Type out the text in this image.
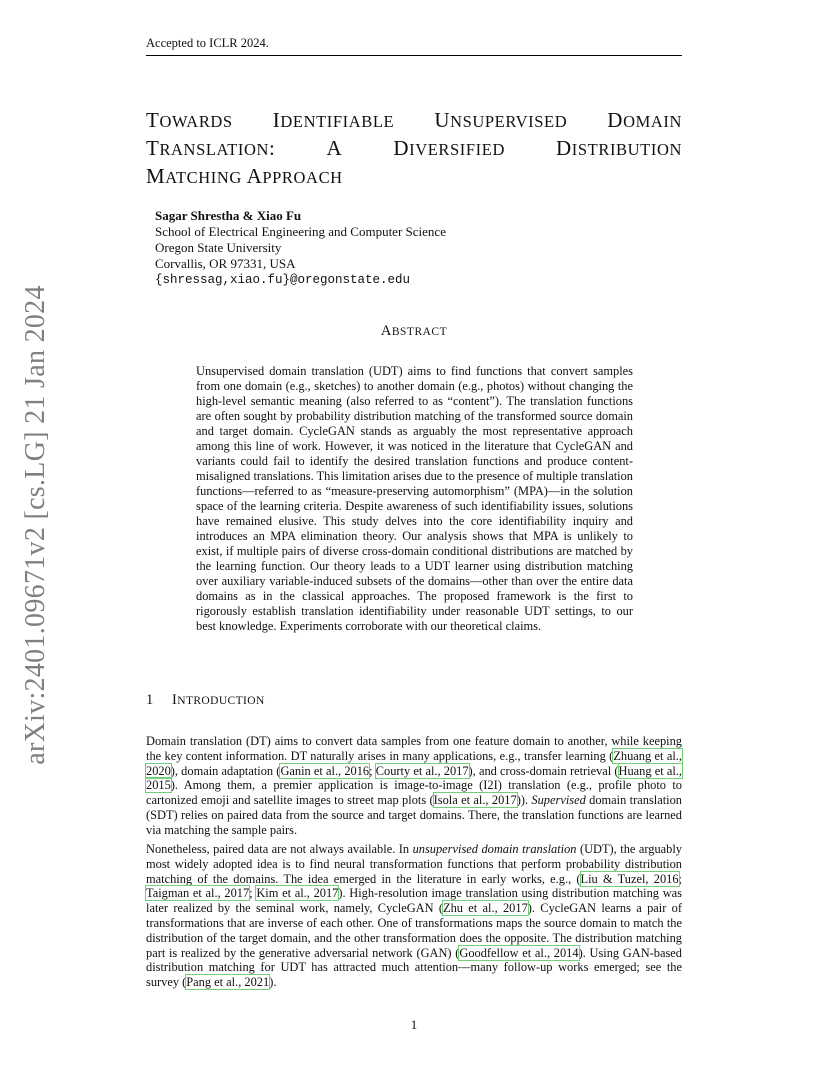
Accepted to ICLR 2024.
arXiv:2401.09671v2 [cs.LG] 21 Jan 2024
TOWARDS IDENTIFIABLE UNSUPERVISED DOMAIN
TRANSLATION: A DIVERSIFIED DISTRIBUTION
MATCHING APPROACH
Sagar Shrestha & Xiao Fu
School of Electrical Engineering and Computer Science
Oregon State University
Corvallis, OR 97331, USA
{shressag,xiao.fu}@oregonstate.edu
ABSTRACT
Unsupervised domain translation (UDT) aims to find functions that convert samples from one domain (e.g., sketches) to another domain (e.g., photos) without changing the high-level semantic meaning (also referred to as “content”). The translation functions are often sought by probability distribution matching of the transformed source domain and target domain. CycleGAN stands as arguably the most representative approach among this line of work. However, it was noticed in the literature that CycleGAN and variants could fail to identify the desired translation functions and produce content-misaligned translations. This limitation arises due to the presence of multiple translation functions—referred to as “measure-preserving automorphism” (MPA)—in the solution space of the learning criteria. Despite awareness of such identifiability issues, solutions have remained elusive. This study delves into the core identifiability inquiry and introduces an MPA elimination theory. Our analysis shows that MPA is unlikely to exist, if multiple pairs of diverse cross-domain conditional distributions are matched by the learning function. Our theory leads to a UDT learner using distribution matching over auxiliary variable-induced subsets of the domains—other than over the entire data domains as in the classical approaches. The proposed framework is the first to rigorously establish translation identifiability under reasonable UDT settings, to our best knowledge. Experiments corroborate with our theoretical claims.
1 INTRODUCTION
Domain translation (DT) aims to convert data samples from one feature domain to another, while keeping the key content information. DT naturally arises in many applications, e.g., transfer learning (Zhuang et al., 2020), domain adaptation (Ganin et al., 2016; Courty et al., 2017), and cross-domain retrieval (Huang et al., 2015). Among them, a premier application is image-to-image (I2I) translation (e.g., profile photo to cartonized emoji and satellite images to street map plots (Isola et al., 2017)). Supervised domain translation (SDT) relies on paired data from the source and target domains. There, the translation functions are learned via matching the sample pairs.
Nonetheless, paired data are not always available. In unsupervised domain translation (UDT), the arguably most widely adopted idea is to find neural transformation functions that perform probability distribution matching of the domains. The idea emerged in the literature in early works, e.g., (Liu & Tuzel, 2016; Taigman et al., 2017; Kim et al., 2017). High-resolution image translation using distribution matching was later realized by the seminal work, namely, CycleGAN (Zhu et al., 2017). CycleGAN learns a pair of transformations that are inverse of each other. One of transformations maps the source domain to match the distribution of the target domain, and the other transformation does the opposite. The distribution matching part is realized by the generative adversarial network (GAN) (Goodfellow et al., 2014). Using GAN-based distribution matching for UDT has attracted much attention—many follow-up works emerged; see the survey (Pang et al., 2021).
1
